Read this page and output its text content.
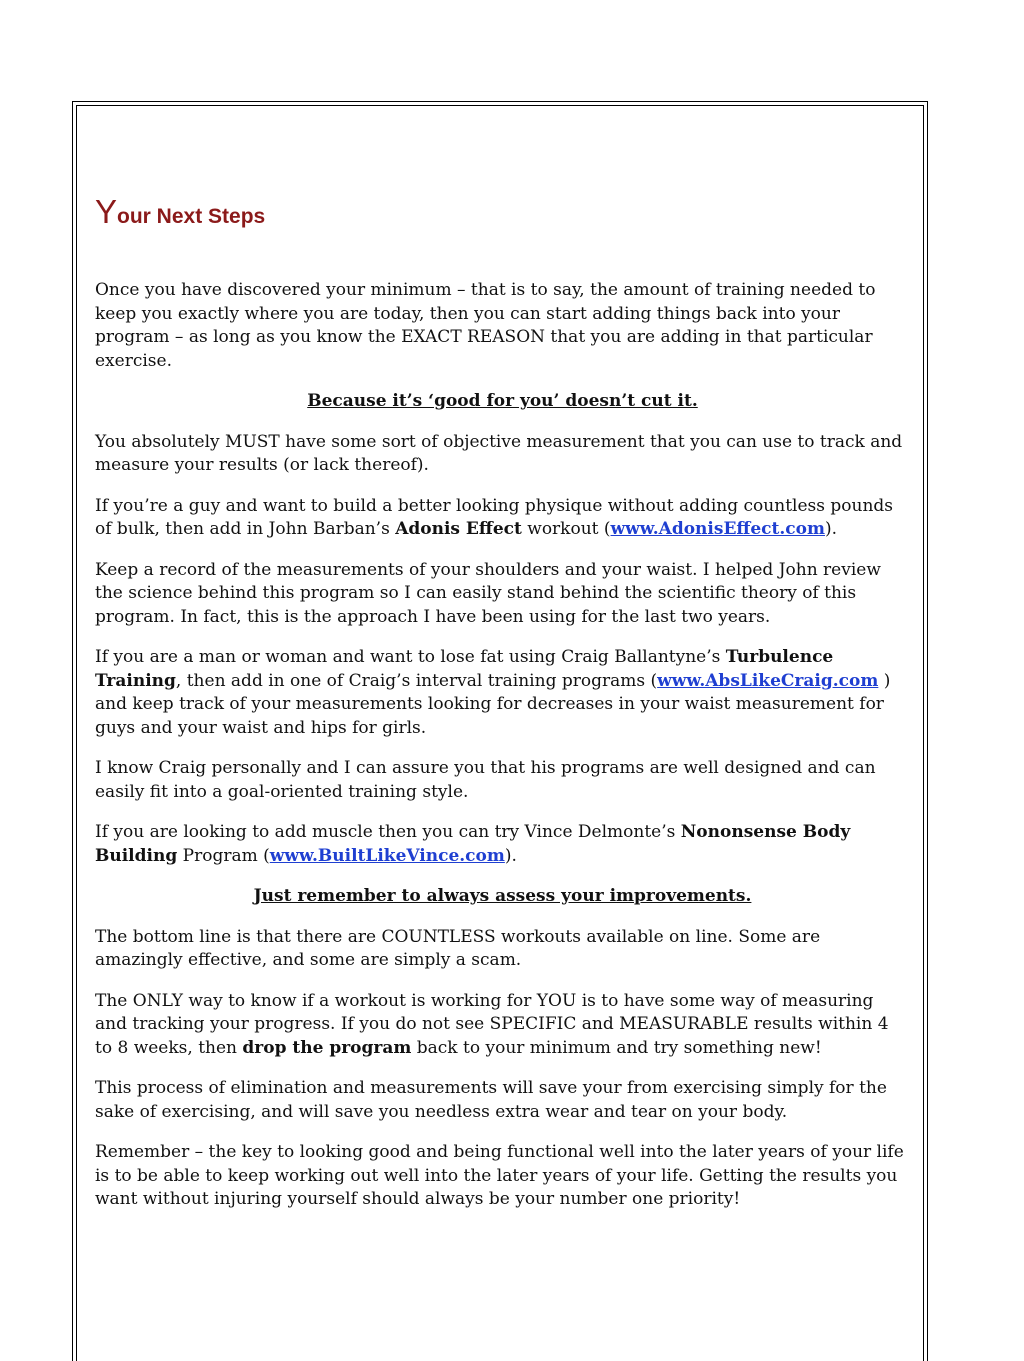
Your Next Steps

Once you have discovered your minimum – that is to say, the amount of training needed to keep you exactly where you are today, then you can start adding things back into your program – as long as you know the EXACT REASON that you are adding in that particular exercise.

Because it’s ‘good for you’ doesn’t cut it.

You absolutely MUST have some sort of objective measurement that you can use to track and measure your results (or lack thereof).

If you’re a guy and want to build a better looking physique without adding countless pounds of bulk, then add in John Barban’s Adonis Effect workout (www.AdonisEffect.com).

Keep a record of the measurements of your shoulders and your waist. I helped John review the science behind this program so I can easily stand behind the scientific theory of this program. In fact, this is the approach I have been using for the last two years.

If you are a man or woman and want to lose fat using Craig Ballantyne’s Turbulence Training, then add in one of Craig’s interval training programs (www.AbsLikeCraig.com ) and keep track of your measurements looking for decreases in your waist measurement for guys and your waist and hips for girls.

I know Craig personally and I can assure you that his programs are well designed and can easily fit into a goal-oriented training style.

If you are looking to add muscle then you can try Vince Delmonte’s Nononsense Body Building Program (www.BuiltLikeVince.com).

Just remember to always assess your improvements.

The bottom line is that there are COUNTLESS workouts available on line. Some are amazingly effective, and some are simply a scam.

The ONLY way to know if a workout is working for YOU is to have some way of measuring and tracking your progress. If you do not see SPECIFIC and MEASURABLE results within 4 to 8 weeks, then drop the program back to your minimum and try something new!

This process of elimination and measurements will save your from exercising simply for the sake of exercising, and will save you needless extra wear and tear on your body.

Remember – the key to looking good and being functional well into the later years of your life is to be able to keep working out well into the later years of your life. Getting the results you want without injuring yourself should always be your number one priority!
